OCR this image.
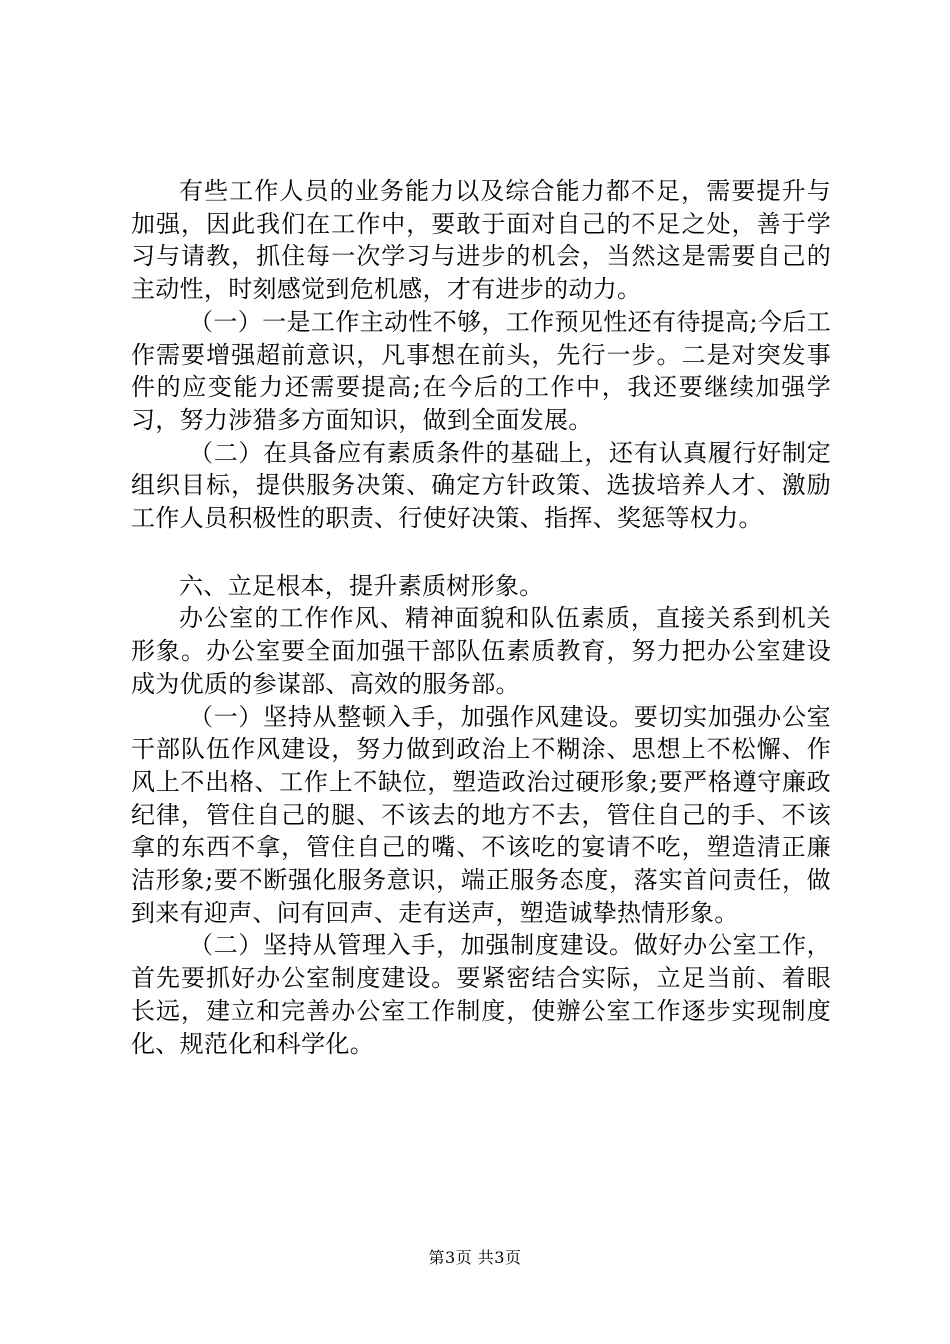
有些工作人员的业务能力以及综合能力都不足，需要提升与加强，因此我们在工作中，要敢于面对自己的不足之处，善于学习与请教，抓住每一次学习与进步的机会，当然这是需要自己的主动性，时刻感觉到危机感，才有进步的动力。

（一）一是工作主动性不够，工作预见性还有待提高;今后工作需要增强超前意识，凡事想在前头，先行一步。二是对突发事件的应变能力还需要提高;在今后的工作中，我还要继续加强学习，努力涉猎多方面知识，做到全面发展。

（二）在具备应有素质条件的基础上，还有认真履行好制定组织目标，提供服务决策、确定方针政策、选拔培养人才、激励工作人员积极性的职责、行使好决策、指挥、奖惩等权力。

六、立足根本，提升素质树形象。

办公室的工作作风、精神面貌和队伍素质，直接关系到机关形象。办公室要全面加强干部队伍素质教育，努力把办公室建设成为优质的参谋部、高效的服务部。

（一）坚持从整顿入手，加强作风建设。要切实加强办公室干部队伍作风建设，努力做到政治上不糊涂、思想上不松懈、作风上不出格、工作上不缺位，塑造政治过硬形象;要严格遵守廉政纪律，管住自己的腿、不该去的地方不去，管住自己的手、不该拿的东西不拿，管住自己的嘴、不该吃的宴请不吃，塑造清正廉洁形象;要不断强化服务意识，端正服务态度，落实首问责任，做到来有迎声、问有回声、走有送声，塑造诚挚热情形象。

（二）坚持从管理入手，加强制度建设。做好办公室工作，首先要抓好办公室制度建设。要紧密结合实际，立足当前、着眼长远，建立和完善办公室工作制度，使辦公室工作逐步实现制度化、规范化和科学化。

第3页 共3页
